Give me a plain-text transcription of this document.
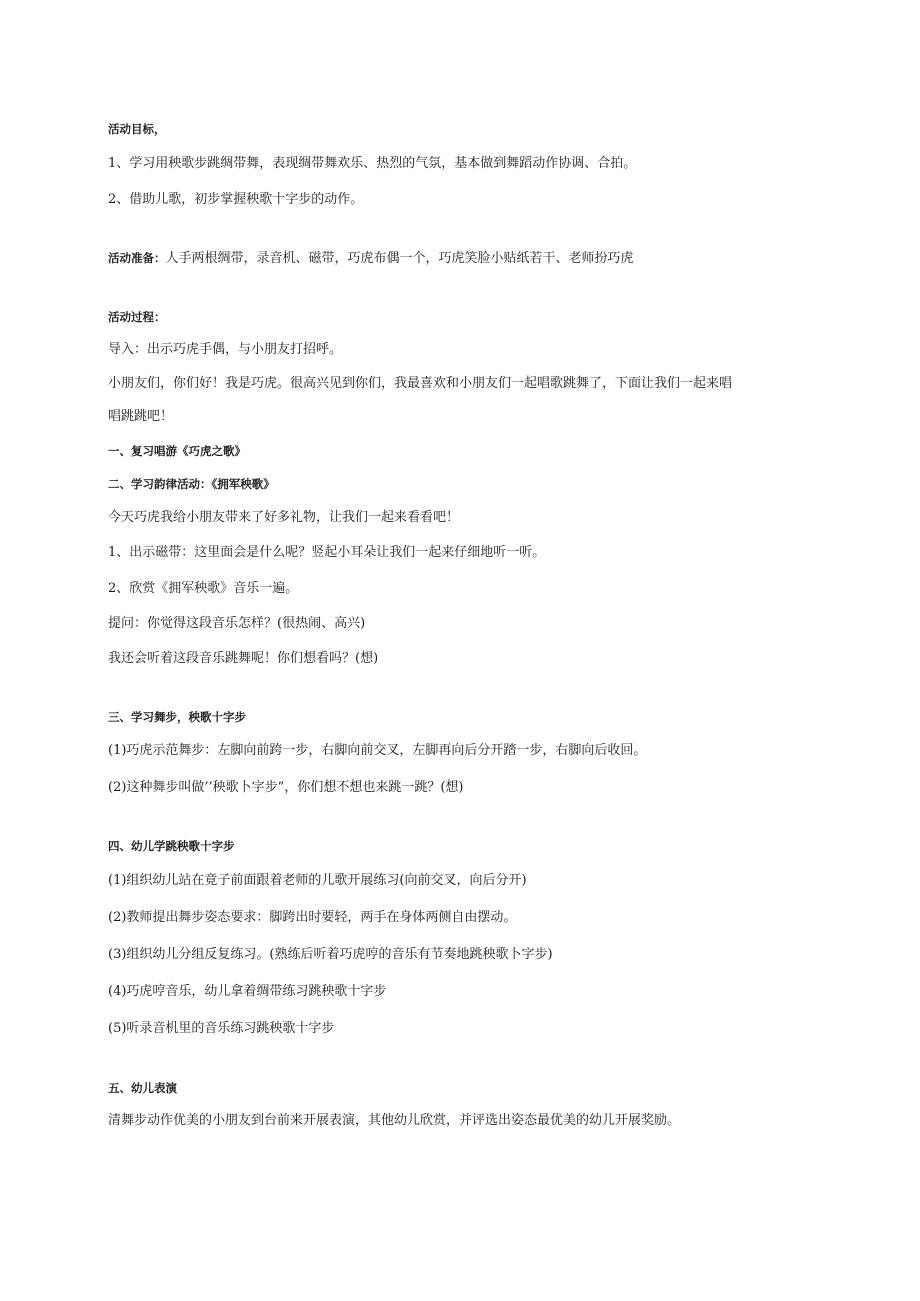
活动目标，
1、学习用秧歌步跳绸带舞，表现绸带舞欢乐、热烈的气氛，基本做到舞蹈动作协调、合拍。
2、借助儿歌，初步掌握秧歌十字步的动作。
活动准备：人手两根绸带，录音机、磁带，巧虎布偶一个，巧虎笑脸小贴纸若干、老师扮巧虎
活动过程：
导入：出示巧虎手偶，与小朋友打招呼。
小朋友们，你们好！我是巧虎。很高兴见到你们，我最喜欢和小朋友们一起唱歌跳舞了，下面让我们一起来唱
唱跳跳吧！
一、复习唱游《巧虎之歌》
二、学习韵律活动：《拥军秧歌》
今天巧虎我给小朋友带来了好多礼物，让我们一起来看看吧！
1、出示磁带：这里面会是什么呢？竖起小耳朵让我们一起来仔细地听一听。
2、欣赏《拥军秧歌》音乐一遍。
提问：你觉得这段音乐怎样？(很热闹、高兴)
我还会听着这段音乐跳舞呢！你们想看吗？(想)
三、学习舞步，秧歌十字步
(1)巧虎示范舞步：左脚向前跨一步，右脚向前交叉，左脚再向后分开踏一步，右脚向后收回。
(2)这种舞步叫做’’秧歌卜字步”，你们想不想也来跳一跳？(想)
四、幼儿学跳秧歌十字步
(1)组织幼儿站在竟子前面跟着老师的儿歌开展练习(向前交叉，向后分开)
(2)教师提出舞步姿态要求：脚跨出时要轻，两手在身体两侧自由摆动。
(3)组织幼儿分组反复练习。(熟练后听着巧虎哼的音乐有节奏地跳秧歌卜字步)
(4)巧虎哼音乐，幼儿拿着绸带练习跳秧歌十字步
(5)听录音机里的音乐练习跳秧歌十字步
五、幼儿表演
清舞步动作优美的小朋友到台前来开展表演，其他幼儿欣赏，并评选出姿态最优美的幼儿开展奖励。
